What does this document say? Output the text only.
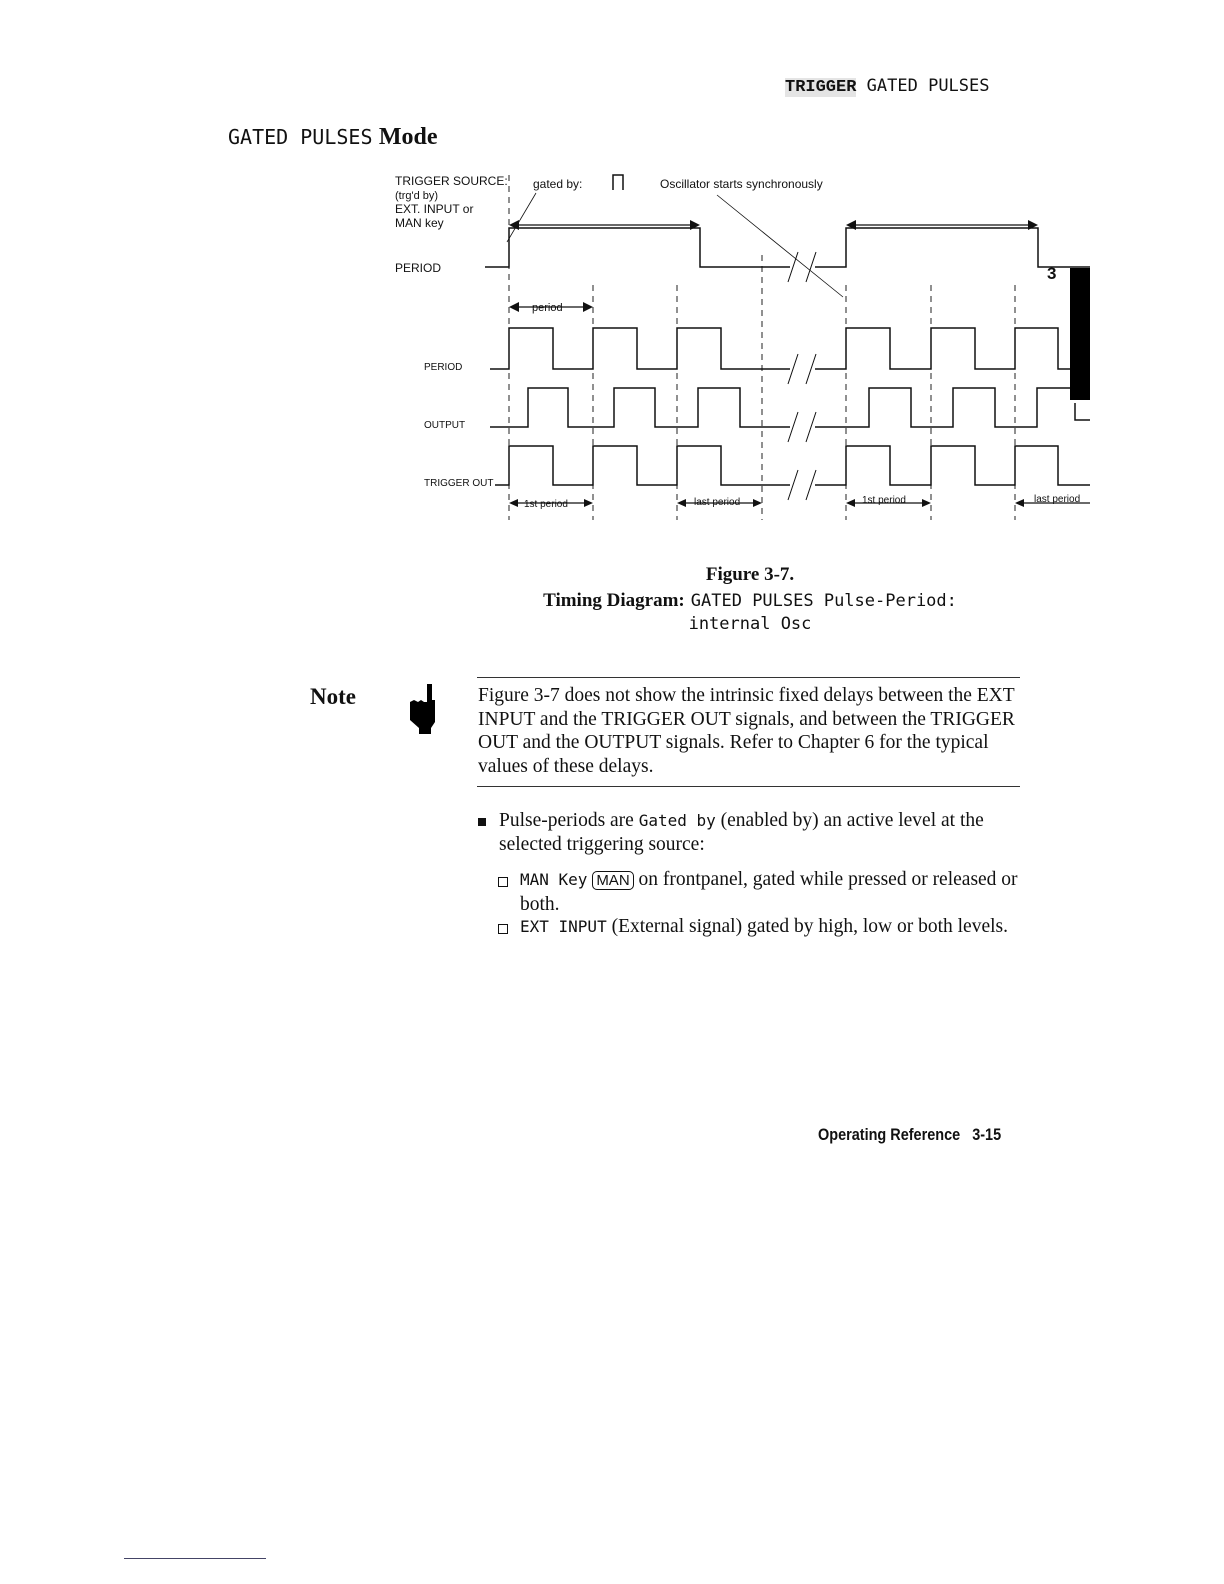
TRIGGER GATED PULSES
GATED PULSES Mode
TRIGGER SOURCE:
(trg'd by)
EXT. INPUT or
MAN key
gated by:	Oscillator starts synchronously
PERIOD
period
PERIOD
OUTPUT
TRIGGER OUT
1st period	last period	1st period	last period
3
Figure 3-7.
Timing Diagram: GATED PULSES Pulse-Period:
internal Osc
Note	Figure 3-7 does not show the intrinsic fixed delays between the EXT INPUT and the TRIGGER OUT signals, and between the TRIGGER OUT and the OUTPUT signals. Refer to Chapter 6 for the typical values of these delays.
Pulse-periods are Gated by (enabled by) an active level at the selected triggering source:
MAN Key MAN on frontpanel, gated while pressed or released or both.
EXT INPUT (External signal) gated by high, low or both levels.
Operating Reference 3-15
